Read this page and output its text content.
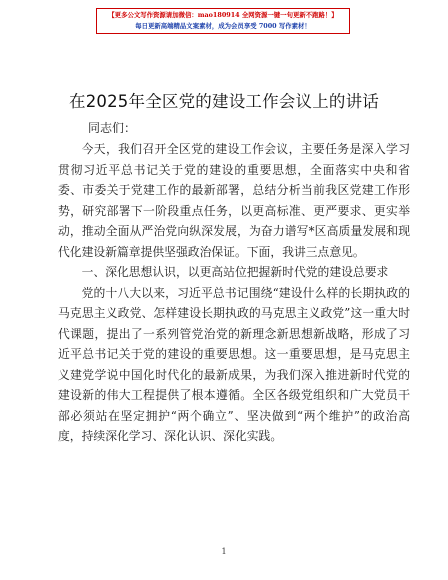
【更多公文写作资源请加微信：mao180914 全网资源一键一句更新不跑路！】
每日更新高端精品文案素材，成为会员享受 7000 写作素材！
在2025年全区党的建设工作会议上的讲话
同志们：

今天，我们召开全区党的建设工作会议，主要任务是深入学习贯彻习近平总书记关于党的建设的重要思想，全面落实中央和省委、市委关于党建工作的最新部署，总结分析当前我区党建工作形势，研究部署下一阶段重点任务，以更高标准、更严要求、更实举动，推动全面从严治党向纵深发展，为奋力谱写*区高质量发展和现代化建设新篇章提供坚强政治保证。下面，我讲三点意见。

一、深化思想认识，以更高站位把握新时代党的建设总要求

党的十八大以来，习近平总书记围绕“建设什么样的长期执政的马克思主义政党、怎样建设长期执政的马克思主义政党”这一重大时代课题，提出了一系列管党治党的新理念新思想新战略，形成了习近平总书记关于党的建设的重要思想。这一重要思想，是马克思主义建党学说中国化时代化的最新成果，为我们深入推进新时代党的建设新的伟大工程提供了根本遵循。全区各级党组织和广大党员干部必须站在坚定拥护“两个确立”、坚决做到“两个维护”的政治高度，持续深化学习、深化认识、深化实践。

1
